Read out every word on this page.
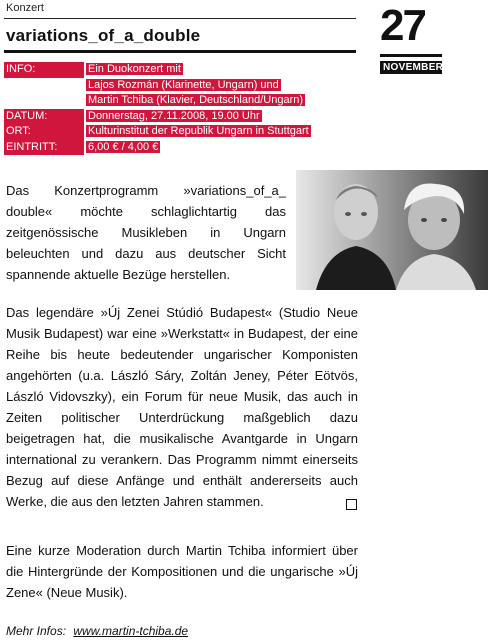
Konzert
variations_of_a_double	27
NOVEMBER
INFO:	Ein Duokonzert mit
Lajos Rozmán (Klarinette, Ungarn) und
Martin Tchiba (Klavier, Deutschland/Ungarn)
DATUM:	Donnerstag, 27.11.2008, 19.00 Uhr
ORT:	Kulturinstitut der Republik Ungarn in Stuttgart
EINTRITT:	6,00 € / 4,00 €
Das Konzertprogramm »variations_of_a_ double« möchte schlaglichtartig das zeitgenössische Musikleben in Ungarn beleuchten und dazu aus deutscher Sicht spannende aktuelle Bezüge herstellen.
Das legendäre »Új Zenei Stúdió Budapest« (Studio Neue Musik Budapest) war eine »Werkstatt« in Budapest, der eine Reihe bis heute bedeutender ungarischer Komponisten angehörten (u.a. László Sáry, Zoltán Jeney, Péter Eötvös, László Vidovszky), ein Forum für neue Musik, das auch in Zeiten politischer Unterdrückung maßgeblich dazu beigetragen hat, die musikalische Avantgarde in Ungarn international zu verankern. Das Programm nimmt einerseits Bezug auf diese Anfänge und enthält andererseits auch Werke, die aus den letzten Jahren stammen.
Eine kurze Moderation durch Martin Tchiba informiert über die Hintergründe der Kompositionen und die ungarische »Új Zene« (Neue Musik).
Mehr Infos: www.martin-tchiba.de
